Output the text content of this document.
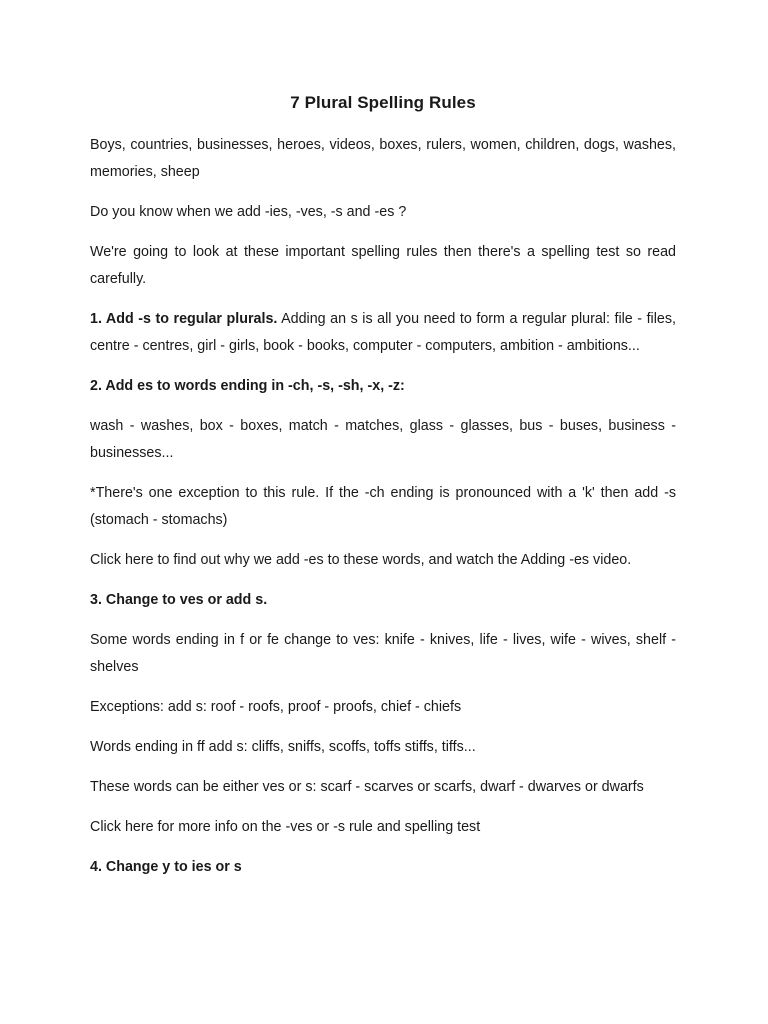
7 Plural Spelling Rules

Boys, countries, businesses, heroes, videos, boxes, rulers, women, children, dogs, washes, memories, sheep

Do you know when we add -ies, -ves, -s and -es ?

We're going to look at these important spelling rules then there's a spelling test so read carefully.

1. Add -s to regular plurals. Adding an s is all you need to form a regular plural: file - files, centre - centres, girl - girls, book - books, computer - computers, ambition - ambitions...

2. Add es to words ending in -ch, -s, -sh, -x, -z:

wash - washes, box - boxes, match - matches, glass - glasses, bus - buses, business - businesses...

*There's one exception to this rule. If the -ch ending is pronounced with a 'k' then add -s (stomach - stomachs)

Click here to find out why we add -es to these words, and watch the Adding -es video.

3. Change to ves or add s.

Some words ending in f or fe change to ves: knife - knives, life - lives, wife - wives, shelf - shelves

Exceptions: add s: roof - roofs, proof - proofs, chief - chiefs

Words ending in ff add s: cliffs, sniffs, scoffs, toffs stiffs, tiffs...

These words can be either ves or s: scarf - scarves or scarfs, dwarf - dwarves or dwarfs

Click here for more info on the -ves or -s rule and spelling test

4. Change y to ies or s
